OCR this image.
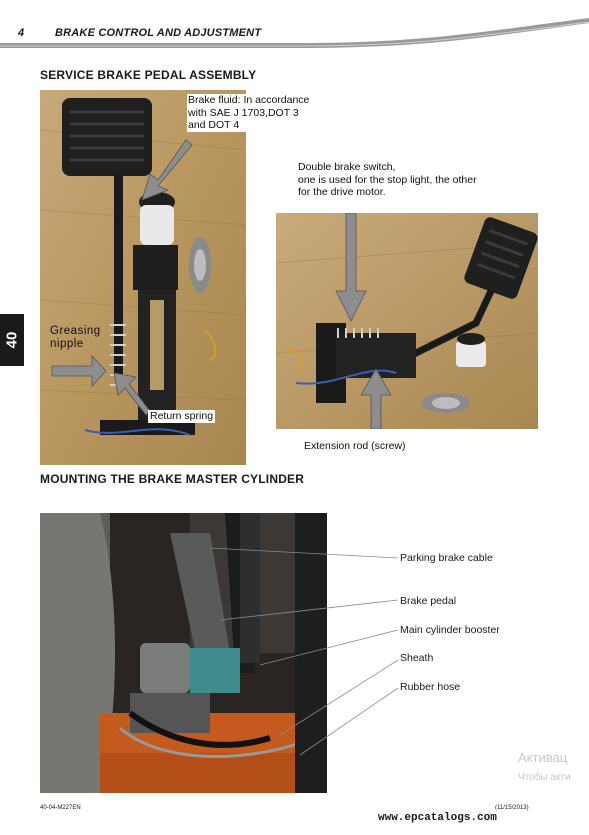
4	BRAKE CONTROL AND ADJUSTMENT
40
SERVICE BRAKE PEDAL ASSEMBLY
Brake fluid: In accordance
with SAE J 1703,DOT 3
and DOT 4
Greasing
nipple
Return spring
Double brake switch,
one is used for the stop light, the other
for the drive motor.
Extension rod (screw)
MOUNTING THE BRAKE MASTER CYLINDER
Parking brake cable
Brake pedal
Main cylinder booster
Sheath
Rubber hose
Активац
Чтобы акти
40-04-M227EN	(11/15/2013)
www.epcatalogs.com
